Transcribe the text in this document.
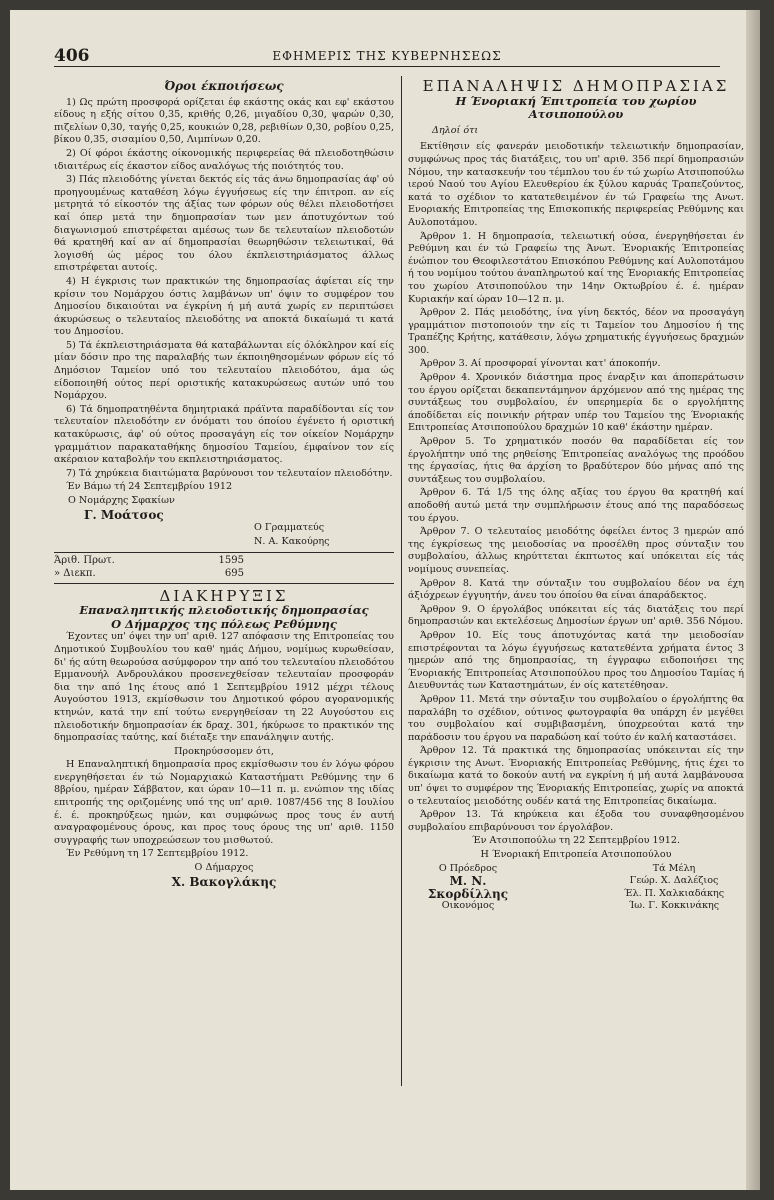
406	ΕΦΗΜΕΡΙΣ ΤΗΣ ΚΥΒΕΡΝΗΣΕΩΣ
Όροι έκποιήσεως

1) Ως πρώτη προσφορά ορίζεται έφ εκάστης οκάς και εφ' εκάστου είδους η εξής σίτου 0,35, κριθής 0,26, μιγαδίου 0,30, ψαρών 0,30, πιζελίων 0,30, ταγής 0,25, κουκιών 0,28, ρεβιθίων 0,30, ροβίου 0,25, βίκου 0,35, σισαμίου 0,50, Λιμπίνων 0,20.

2) Οί φόροι έκάστης οίκονομικής περιφερείας θά πλειοδοτηθώσιν ιδιαιτέρως είς έκαστον είδος αναλόγως τής ποιότητός του.

3) Πάς πλειοδότης γίνεται δεκτός είς τάς άνω δημοπρασίας άφ' ού προηγουμένως καταθέση λόγω έγγυήσεως είς την έπιτροπ. αν είς μετρητά τό είκοστόν της άξίας των φόρων ούς θέλει πλειοδοτήσει καί όπερ μετά την δημοπρασίαν των μεν άποτυχόντων τού διαγωνισμού επιστρέφεται αμέσως των δε τελευταίων πλειοδοτών θά κρατηθή καί αν αί δημοπρασίαι θεωρηθώσιν τελειωτικαί, θά λογισθή ώς μέρος του όλου έκπλειστηριάσματος άλλως επιστρέφεται αυτοίς.

4) Η έγκρισις των πρακτικών της δημοπρασίας άφίεται είς την κρίσιν του Νομάρχου όστις λαμβάνων υπ' όψιν το συμφέρον του Δημοσίου δικαιούται να έγκρίνη ή μή αυτά χωρίς εν περιπτώσει άκυρώσεως ο τελευταίος πλειοδότης να αποκτά δικαίωμά τι κατά του Δημοσίου.

5) Τά έκπλειστηριάσματα θά καταβάλωνται είς όλόκληρον καί είς μίαν δόσιν προ της παραλαβής των έκποιηθησομένων φόρων είς τό Δημόσιον Ταμείον υπό του τελευταίου πλειοδότου, άμα ώς είδοποιηθή ούτος περί οριστικής κατακυρώσεως αυτών υπό του Νομάρχου.

6) Τά δημοπρατηθέντα δημητριακά πράϊντα παραδίδονται είς τον τελευταίον πλειοδότην εν όνόματι του όποίου έγένετο ή οριστική κατακύρωσις, άφ' ού ούτος προσαγάγη είς τον οίκείον Νομάρχην γραμμάτιον παρακαταθήκης δημοσίου Ταμείου, έμφαίνον τον είς ακέραιον καταβολήν του εκπλειστηριάσματος.

7) Τά χηρύκεια διαιτώματα βαρύνουσι τον τελευταίον πλειοδότην.

Έν Βάμω τή 24 Σεπτεμβρίου 1912

Ο Νομάρχης Σφακίων

Γ. Μοάτσος

Ο Γραμματεύς

Ν. Α. Κακούρης

Άριθ. Πρωτ.	1595
» Διεκπ.	695
ΔΙΑΚΗΡΥΞΙΣ
Επαναληπτικής πλειοδοτικής δημοπρασίας
Ο Δήμαρχος της πόλεως Ρεθύμνης

Έχοντες υπ' όψει την υπ' αριθ. 127 απόφασιν της Επιτροπείας του Δημοτικού Συμβουλίου του καθ' ημάς Δήμου, νομίμως κυρωθείσαν, δι' ής αύτη θεωρούσα ασύμφορον την από του τελευταίου πλειοδότου Εμμανουήλ Ανδρουλάκου προσενεχθείσαν τελευταίαν προσφοράν δια την από 1ης έτους από 1 Σεπτεμβρίου 1912 μέχρι τέλους Αυγούστου 1913, εκμίσθωσιν του Δημοτικού φόρου αγορανομικής κτηνών, κατά την επί τούτω ενεργηθείσαν τη 22 Αυγούστου εις πλειοδοτικήν δημοπρασίαν έκ δραχ. 301, ήκύρωσε το πρακτικόν της δημοπρασίας ταύτης, καί διέταξε την επανάληψιν αυτής.

Προκηρύσσομεν ότι,

Η Επαναληπτική δημοπρασία προς εκμίσθωσιν του έν λόγω φόρου ενεργηθήσεται έν τώ Νομαρχιακώ Καταστήματι Ρεθύμνης την 6 8βρίου, ημέραν Σάββατον, και ώραν 10—11 π. μ. ενώπιον της ιδίας επιτροπής της οριζομένης υπό της υπ' αριθ. 1087/456 της 8 Ιουλίου έ. έ. προκηρύξεως ημών, και συμφώνως προς τους έν αυτή αναγραφομένους όρους, και προς τους όρους της υπ' αριθ. 1150 συγγραφής των υποχρεώσεων του μισθωτού.

Έν Ρεθύμνη τη 17 Σεπτεμβρίου 1912.

Ο Δήμαρχος

Χ. Βακογλάκης

ΕΠΑΝΑΛΗΨΙΣ ΔΗΜΟΠΡΑΣΙΑΣ
Η Ένοριακή Έπιτροπεία του χωρίου
Ατσιποπούλου

Δηλοί ότι

Εκτίθησιν είς φανεράν μειοδοτικήν τελειωτικήν δημοπρασίαν, συμφώνως προς τάς διατάξεις, του υπ' αριθ. 356 περί δημοπρασιών Νόμου, την κατασκευήν του τέμπλου του έν τώ χωρίω Ατσιποπούλω ιερού Ναού του Αγίου Ελευθερίου έκ ξύλου καρυάς Τραπεζούντος, κατά το σχέδιον το κατατεθειμένον έν τώ Γραφείω της Ανωτ. Ενοριακής Επιτροπείας της Επισκοπικής περιφερείας Ρεθύμνης και Αυλοποτάμου.

Άρθρον 1. Η δημοπρασία, τελειωτική ούσα, ένεργηθήσεται έν Ρεθύμνη και έν τώ Γραφείω της Άνωτ. Ένοριακής Έπιτροπείας ένώπιον του Θεοφιλεστάτου Επισκόπου Ρεθύμνης καί Αυλοποτάμου ή του νομίμου τούτου άναπληρωτού καί της Ένοριακής Επιτροπείας του χωρίου Ατσιποπούλου την 14ην Οκτωβρίου έ. έ. ημέραν Κυριακήν καί ώραν 10—12 π. μ.

Άρθρον 2. Πάς μειοδότης, ίνα γίνη δεκτός, δέον να προσαγάγη γραμμάτιον πιστοποιούν την είς τι Ταμείον του Δημοσίου ή της Τραπέζης Κρήτης, κατάθεσιν, λόγω χρηματικής έγγυήσεως δραχμών 300.

Άρθρον 3. Αί προσφοραί γίνονται κατ' άποκοπήν.

Άρθρον 4. Χρονικόν διάστημα προς έναρξιν και άποπεράτωσιν του έργου ορίζεται δεκαπεντάμηνον άρχόμενον από της ημέρας της συντάξεως του συμβολαίου, έν υπερημερία δε ο εργολήπτης άποδίδεται είς ποινικήν ρήτραν υπέρ του Ταμείου της Ένοριακής Επιτροπείας Ατσιποπούλου δραχμών 10 καθ' έκάστην ημέραν.

Άρθρον 5. Το χρηματικόν ποσόν θα παραδίδεται είς τον έργολήπτην υπό της ρηθείσης Έπιτροπείας αναλόγως της προόδου της έργασίας, ήτις θα άρχίση το βραδύτερον δύο μήνας από της συντάξεως του συμβολαίου.

Άρθρον 6. Τά 1/5 της όλης αξίας του έργου θα κρατηθή καί αποδοθή αυτώ μετά την συμπλήρωσιν έτους από της παραδόσεως του έργου.

Άρθρον 7. Ο τελευταίος μειοδότης όφείλει έντος 3 ημερών από της έγκρίσεως της μειοδοσίας να προσέλθη προς σύνταξιν του συμβολαίου, άλλως κηρύττεται έκπτωτος καί υπόκειται είς τάς νομίμους συνεπείας.

Άρθρον 8. Κατά την σύνταξιν του συμβολαίου δέον να έχη άξιόχρεων έγγυητήν, άνευ του όποίου θα είναι άπαράδεκτος.

Άρθρον 9. Ο έργολάβος υπόκειται είς τάς διατάξεις του περί δημοπρασιών και εκτελέσεως Δημοσίων έργων υπ' αριθ. 356 Νόμου.

Άρθρον 10. Είς τους άποτυχόντας κατά την μειοδοσίαν επιστρέφονται τα λόγω έγγυήσεως κατατεθέντα χρήματα έντος 3 ημερών από της δημοπρασίας, τη έγγραφω ειδοποιήσει της Ένοριακής Έπιτροπείας Ατσιποπούλου προς του Δημοσίου Ταμίας ή Διευθυντάς των Καταστημάτων, έν οίς κατετέθησαν.

Άρθρον 11. Μετά την σύνταξιν του συμβολαίου ο έργολήπτης θα παραλάβη το σχέδιον, ούτινος φωτογραφία θα υπάρχη έν μεγέθει του συμβολαίου καί συμβιβασμένη, ύποχρεούται κατά την παράδοσιν του έργου να παραδώση καί τούτο έν καλή καταστάσει.

Άρθρον 12. Τά πρακτικά της δημοπρασίας υπόκεινται είς την έγκρισιν της Ανωτ. Ένοριακής Επιτροπείας Ρεθύμνης, ήτις έχει το δικαίωμα κατά το δοκούν αυτή να εγκρίνη ή μή αυτά λαμβάνουσα υπ' όψει το συμφέρον της Ένοριακής Επιτροπείας, χωρίς να αποκτά ο τελευταίος μειοδότης ουδέν κατά της Επιτροπείας δικαίωμα.

Άρθρον 13. Τά κηρύκεια και έξοδα του συναφθησομένου συμβολαίου επιβαρύνουσι τον έργολάβον.

Έν Ατσιποπούλω τη 22 Σεπτεμβρίου 1912.

Η Ένοριακή Επιτροπεία Ατσιποπούλου

Ο Πρόεδρος
Μ. Ν. Σκορδίλλης
Οικονόμος
Τά Μέλη
Γεώρ. Χ. Δαλέζιος
Έλ. Π. Χαλκιαδάκης
Ίω. Γ. Κοκκινάκης
